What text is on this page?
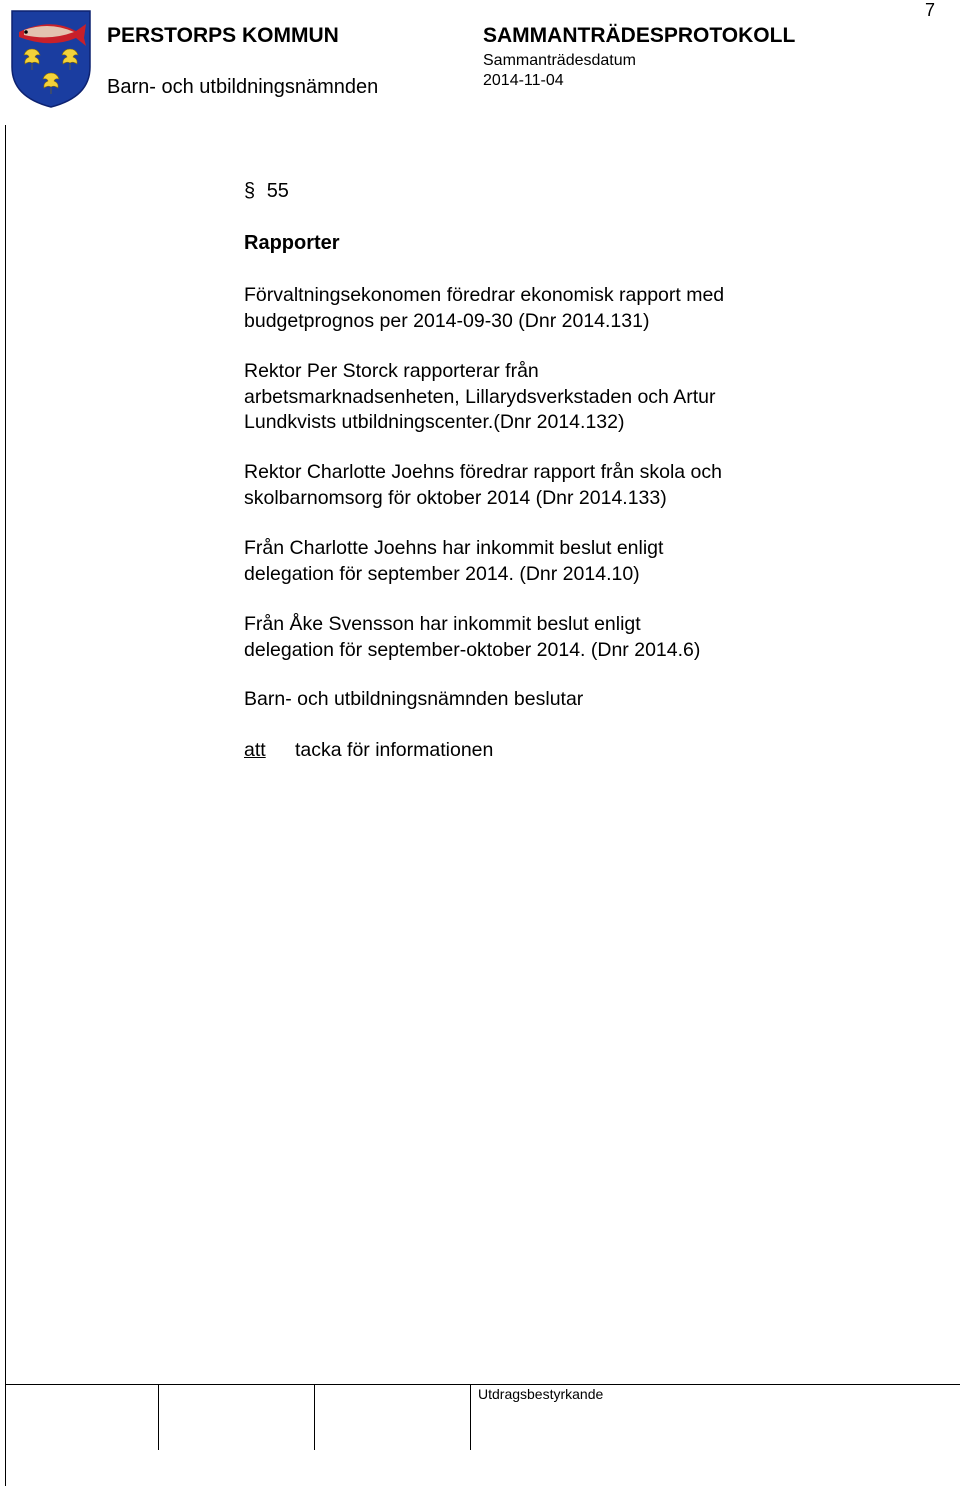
7
PERSTORPS KOMMUN
Barn- och utbildningsnämnden
SAMMANTRÄDESPROTOKOLL
Sammanträdesdatum
2014-11-04
§ 55
Rapporter
Förvaltningsekonomen föredrar ekonomisk rapport med
budgetprognos per 2014-09-30 (Dnr 2014.131)
Rektor Per Storck rapporterar från
arbetsmarknadsenheten, Lillarydsverkstaden och Artur
Lundkvists utbildningscenter.(Dnr 2014.132)
Rektor Charlotte Joehns föredrar rapport från skola och
skolbarnomsorg för oktober 2014 (Dnr 2014.133)
Från Charlotte Joehns har inkommit beslut enligt
delegation för september 2014. (Dnr 2014.10)
Från Åke Svensson har inkommit beslut enligt
delegation för september-oktober 2014. (Dnr 2014.6)
Barn- och utbildningsnämnden beslutar
att tacka för informationen
Utdragsbestyrkande
